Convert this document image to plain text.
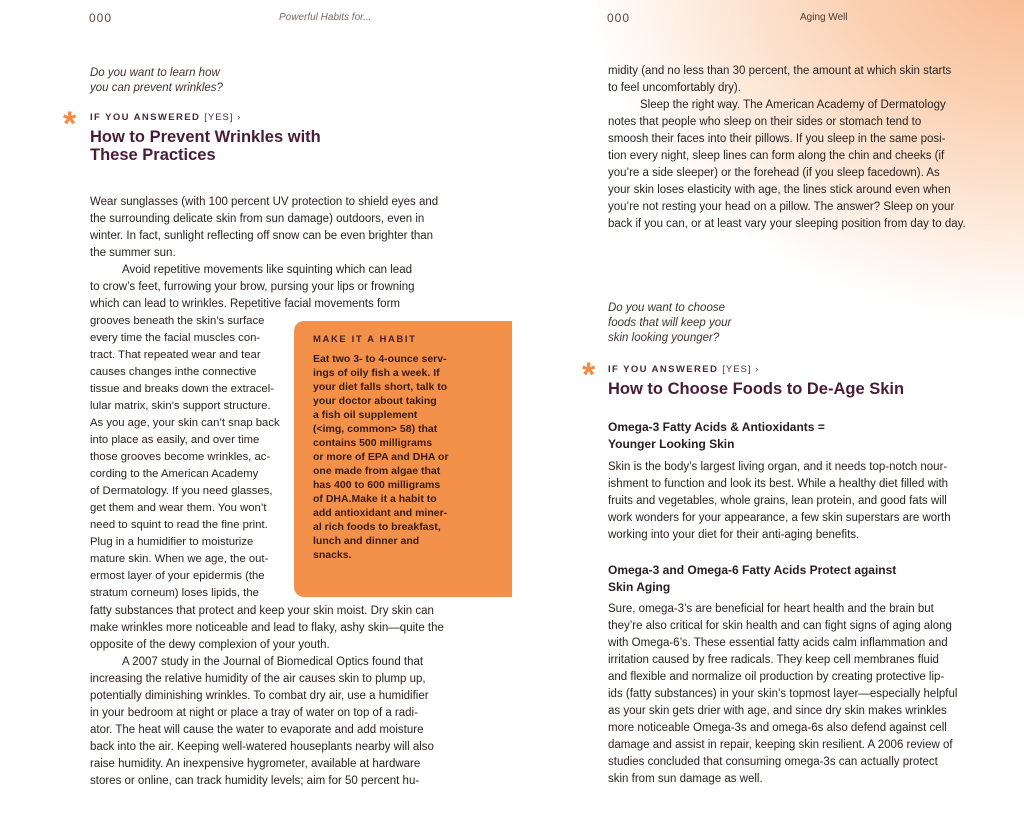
000	Powerful Habits for...
Do you want to learn how
you can prevent wrinkles?
* IF YOU ANSWERED [YES] ›
How to Prevent Wrinkles with
These Practices

Wear sunglasses (with 100 percent UV protection to shield eyes and

the surrounding delicate skin from sun damage) outdoors, even in

winter. In fact, sunlight reflecting off snow can be even brighter than

the summer sun.

Avoid repetitive movements like squinting which can lead

to crow’s feet, furrowing your brow, pursing your lips or frowning

which can lead to wrinkles. Repetitive facial movements form

grooves beneath the skin’s surface

every time the facial muscles con-

tract. That repeated wear and tear

causes changes inthe connective

tissue and breaks down the extracel-

lular matrix, skin’s support structure.

As you age, your skin can’t snap back

into place as easily, and over time

those grooves become wrinkles, ac-

cording to the American Academy

of Dermatology. If you need glasses,

get them and wear them. You won’t

need to squint to read the fine print.

Plug in a humidifier to moisturize

mature skin. When we age, the out-

ermost layer of your epidermis (the

stratum corneum) loses lipids, the

MAKE IT A HABIT
Eat two 3- to 4-ounce serv-
ings of oily fish a week. If
your diet falls short, talk to
your doctor about taking
a fish oil supplement
(<img, common> 58) that
contains 500 milligrams
or more of EPA and DHA or
one made from algae that
has 400 to 600 milligrams
of DHA.Make it a habit to
add antioxidant and miner-
al rich foods to breakfast,
lunch and dinner and
snacks.

fatty substances that protect and keep your skin moist. Dry skin can

make wrinkles more noticeable and lead to flaky, ashy skin—quite the

opposite of the dewy complexion of your youth.

A 2007 study in the Journal of Biomedical Optics found that

increasing the relative humidity of the air causes skin to plump up,

potentially diminishing wrinkles. To combat dry air, use a humidifier

in your bedroom at night or place a tray of water on top of a radi-

ator. The heat will cause the water to evaporate and add moisture

back into the air. Keeping well-watered houseplants nearby will also

raise humidity. An inexpensive hygrometer, available at hardware

stores or online, can track humidity levels; aim for 50 percent hu-

000	Aging Well

midity (and no less than 30 percent, the amount at which skin starts

to feel uncomfortably dry).

Sleep the right way. The American Academy of Dermatology

notes that people who sleep on their sides or stomach tend to

smoosh their faces into their pillows. If you sleep in the same posi-

tion every night, sleep lines can form along the chin and cheeks (if

you’re a side sleeper) or the forehead (if you sleep facedown). As

your skin loses elasticity with age, the lines stick around even when

you’re not resting your head on a pillow. The answer? Sleep on your

back if you can, or at least vary your sleeping position from day to day.

Do you want to choose
foods that will keep your
skin looking younger?
* IF YOU ANSWERED [YES] ›
How to Choose Foods to De-Age Skin
Omega-3 Fatty Acids & Antioxidants =
Younger Looking Skin

Skin is the body’s largest living organ, and it needs top-notch nour-

ishment to function and look its best. While a healthy diet filled with

fruits and vegetables, whole grains, lean protein, and good fats will

work wonders for your appearance, a few skin superstars are worth

working into your diet for their anti-aging benefits.

Omega-3 and Omega-6 Fatty Acids Protect against
Skin Aging

Sure, omega-3’s are beneficial for heart health and the brain but

they’re also critical for skin health and can fight signs of aging along

with Omega-6’s. These essential fatty acids calm inflammation and

irritation caused by free radicals. They keep cell membranes fluid

and flexible and normalize oil production by creating protective lip-

ids (fatty substances) in your skin’s topmost layer—especially helpful

as your skin gets drier with age, and since dry skin makes wrinkles

more noticeable Omega-3s and omega-6s also defend against cell

damage and assist in repair, keeping skin resilient. A 2006 review of

studies concluded that consuming omega-3s can actually protect

skin from sun damage as well.
